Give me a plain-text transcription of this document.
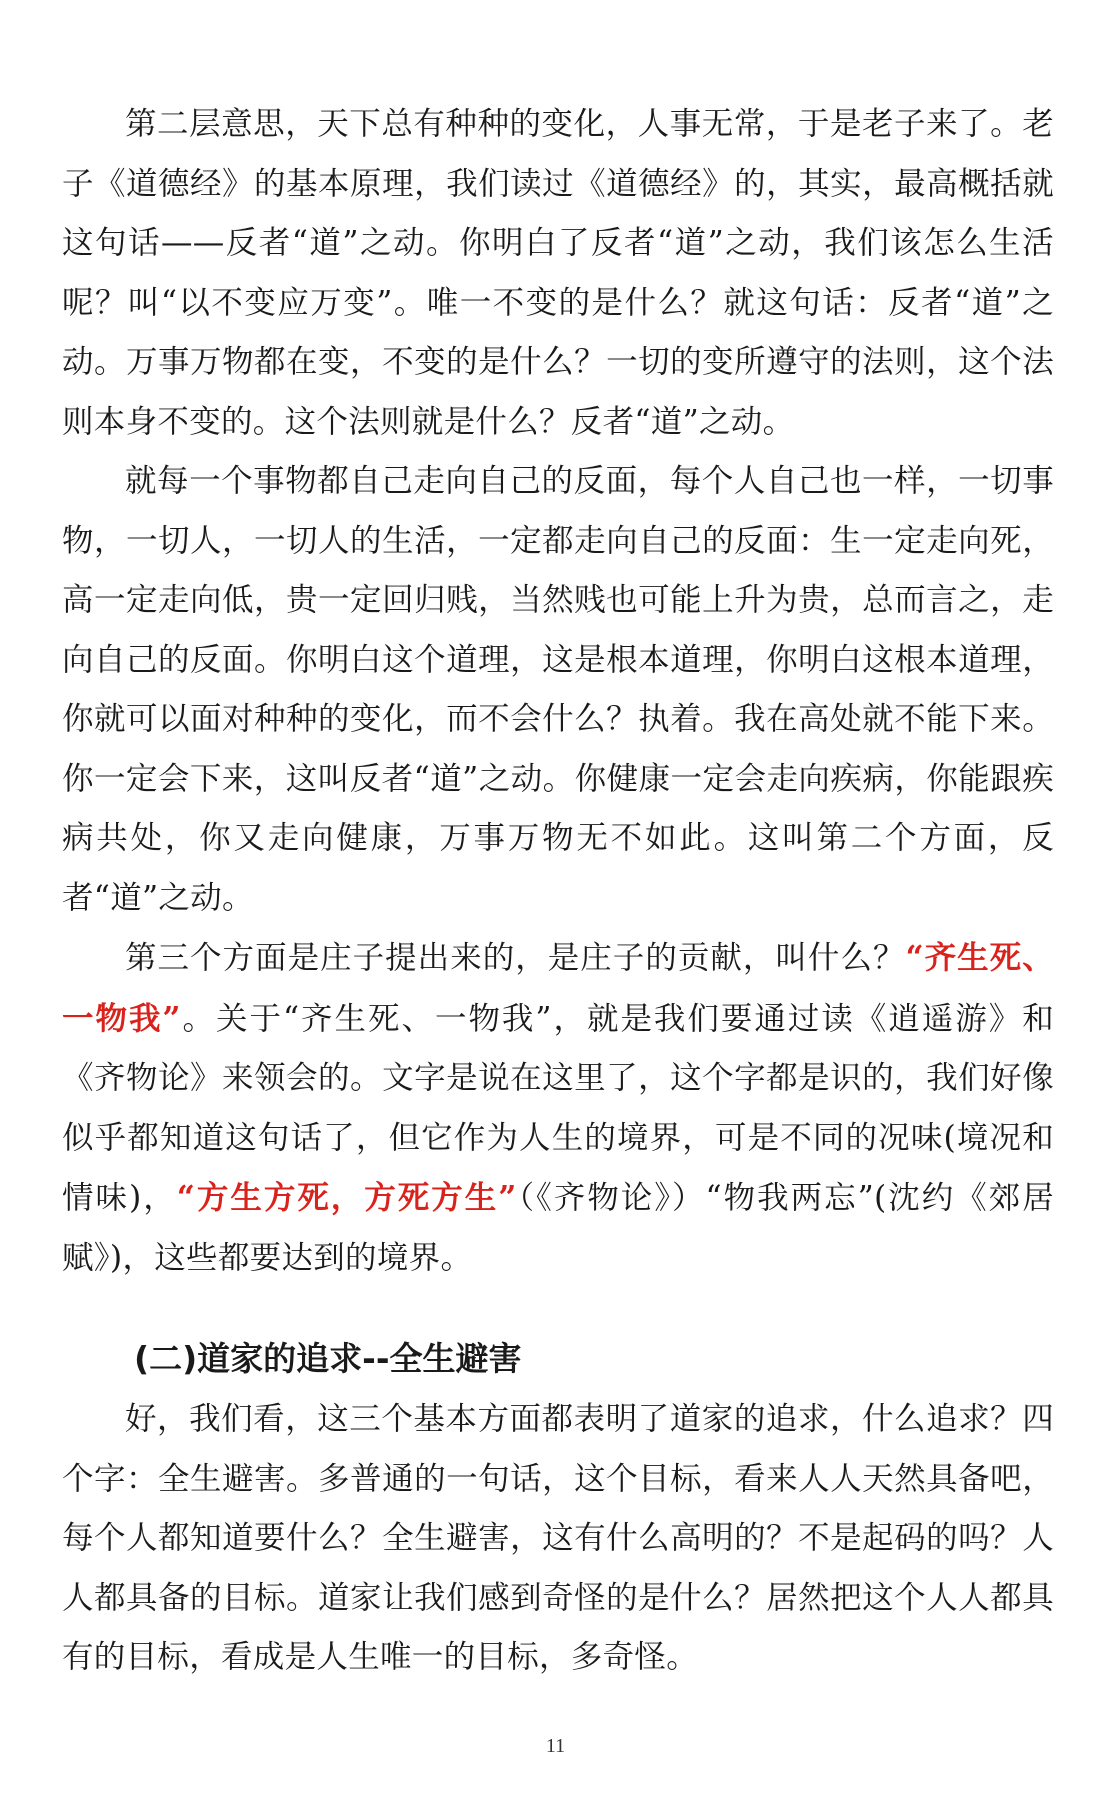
第二层意思，天下总有种种的变化，人事无常，于是老子来了。老子《道德经》的基本原理，我们读过《道德经》的，其实，最高概括就这句话——反者“道”之动。你明白了反者“道”之动，我们该怎么生活呢？叫“以不变应万变”。唯一不变的是什么？就这句话：反者“道”之动。万事万物都在变，不变的是什么？一切的变所遵守的法则，这个法则本身不变的。这个法则就是什么？反者“道”之动。

就每一个事物都自己走向自己的反面，每个人自己也一样，一切事物，一切人，一切人的生活，一定都走向自己的反面：生一定走向死，高一定走向低，贵一定回归贱，当然贱也可能上升为贵，总而言之，走向自己的反面。你明白这个道理，这是根本道理，你明白这根本道理，你就可以面对种种的变化，而不会什么？执着。我在高处就不能下来。你一定会下来，这叫反者“道”之动。你健康一定会走向疾病，你能跟疾病共处，你又走向健康，万事万物无不如此。这叫第二个方面，反者“道”之动。

第三个方面是庄子提出来的，是庄子的贡献，叫什么？“齐生死、一物我”。关于“齐生死、一物我”，就是我们要通过读《逍遥游》和《齐物论》来领会的。文字是说在这里了，这个字都是识的，我们好像似乎都知道这句话了，但它作为人生的境界，可是不同的况味(境况和情味)，“方生方死，方死方生”（《齐物论》）“物我两忘”(沈约《郊居赋》)，这些都要达到的境界。

(二)道家的追求--全生避害

好，我们看，这三个基本方面都表明了道家的追求，什么追求？四个字：全生避害。多普通的一句话，这个目标，看来人人天然具备吧，每个人都知道要什么？全生避害，这有什么高明的？不是起码的吗？人人都具备的目标。道家让我们感到奇怪的是什么？居然把这个人人都具有的目标，看成是人生唯一的目标，多奇怪。

11
